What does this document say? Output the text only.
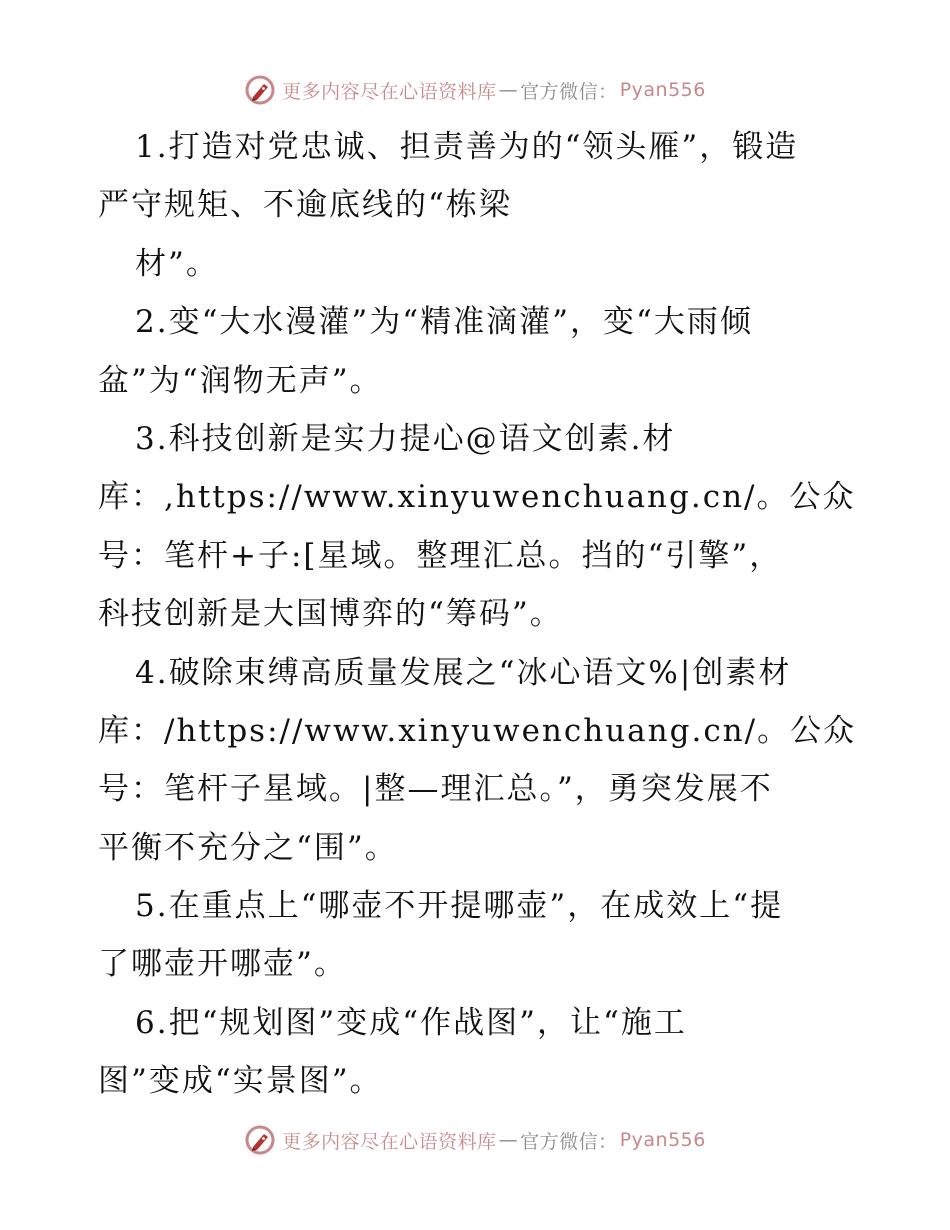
更多内容尽在心语资料库 — 官方微信： Pyan556
1.打造对党忠诚、担责善为的“领头雁”，锻造
严守规矩、不逾底线的“栋梁
材”。
2.变“大水漫灌”为“精准滴灌”，变“大雨倾
盆”为“润物无声”。
3.科技创新是实力提心@语文创素.材
库：,https://www.xinyuwenchuang.cn/。公众
号：笔杆+子:[星域。整理汇总。挡的“引擎”，
科技创新是大国博弈的“筹码”。
4.破除束缚高质量发展之“冰心语文%|创素材
库：/https://www.xinyuwenchuang.cn/。公众
号：笔杆子星域。|整—理汇总。”，勇突发展不
平衡不充分之“围”。
5.在重点上“哪壶不开提哪壶”，在成效上“提
了哪壶开哪壶”。
6.把“规划图”变成“作战图”，让“施工
图”变成“实景图”。
更多内容尽在心语资料库 — 官方微信： Pyan556
